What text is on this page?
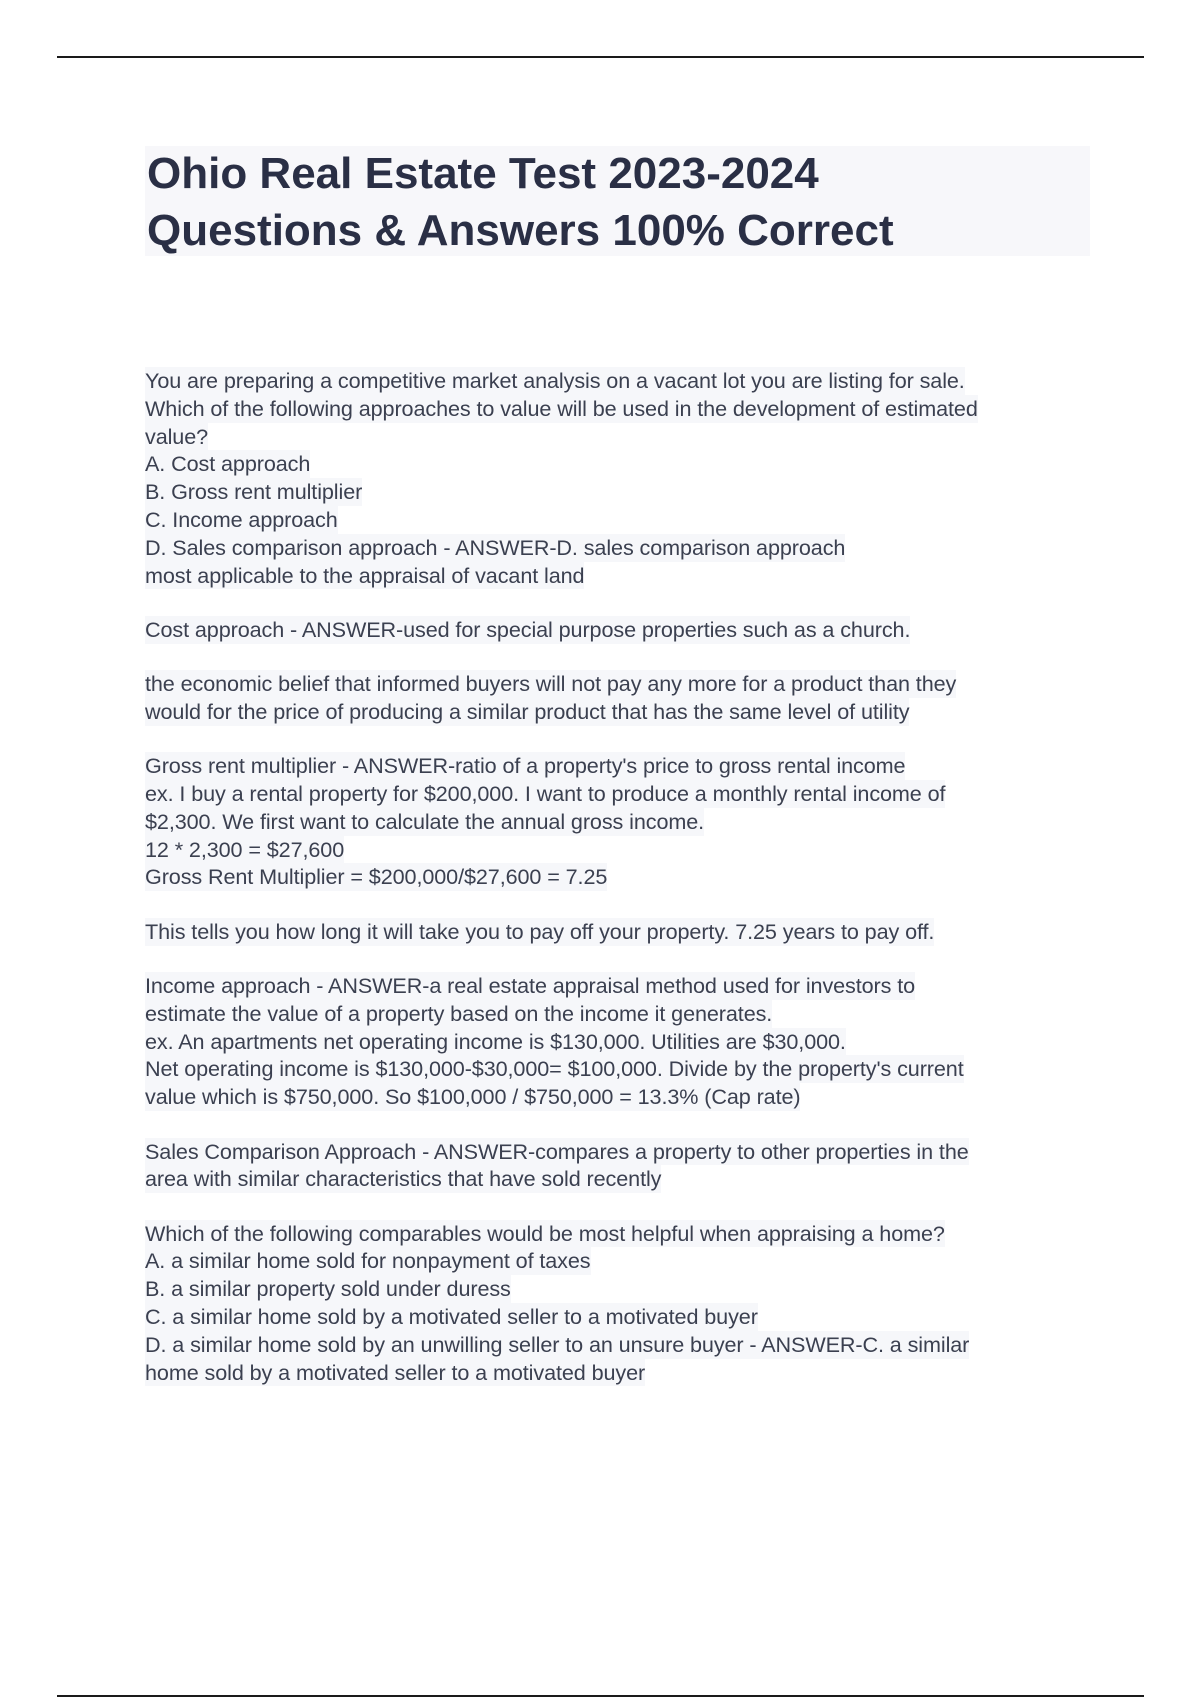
Ohio Real Estate Test 2023-2024
Questions & Answers 100% Correct
You are preparing a competitive market analysis on a vacant lot you are listing for sale.
Which of the following approaches to value will be used in the development of estimated
value?
A. Cost approach
B. Gross rent multiplier
C. Income approach
D. Sales comparison approach - ANSWER-D. sales comparison approach
most applicable to the appraisal of vacant land
Cost approach - ANSWER-used for special purpose properties such as a church.
the economic belief that informed buyers will not pay any more for a product than they
would for the price of producing a similar product that has the same level of utility
Gross rent multiplier - ANSWER-ratio of a property's price to gross rental income
ex. I buy a rental property for $200,000. I want to produce a monthly rental income of
$2,300. We first want to calculate the annual gross income.
12 * 2,300 = $27,600
Gross Rent Multiplier = $200,000/$27,600 = 7.25
This tells you how long it will take you to pay off your property. 7.25 years to pay off.
Income approach - ANSWER-a real estate appraisal method used for investors to
estimate the value of a property based on the income it generates.
ex. An apartments net operating income is $130,000. Utilities are $30,000.
Net operating income is $130,000-$30,000= $100,000. Divide by the property's current
value which is $750,000. So $100,000 / $750,000 = 13.3% (Cap rate)
Sales Comparison Approach - ANSWER-compares a property to other properties in the
area with similar characteristics that have sold recently
Which of the following comparables would be most helpful when appraising a home?
A. a similar home sold for nonpayment of taxes
B. a similar property sold under duress
C. a similar home sold by a motivated seller to a motivated buyer
D. a similar home sold by an unwilling seller to an unsure buyer - ANSWER-C. a similar
home sold by a motivated seller to a motivated buyer
